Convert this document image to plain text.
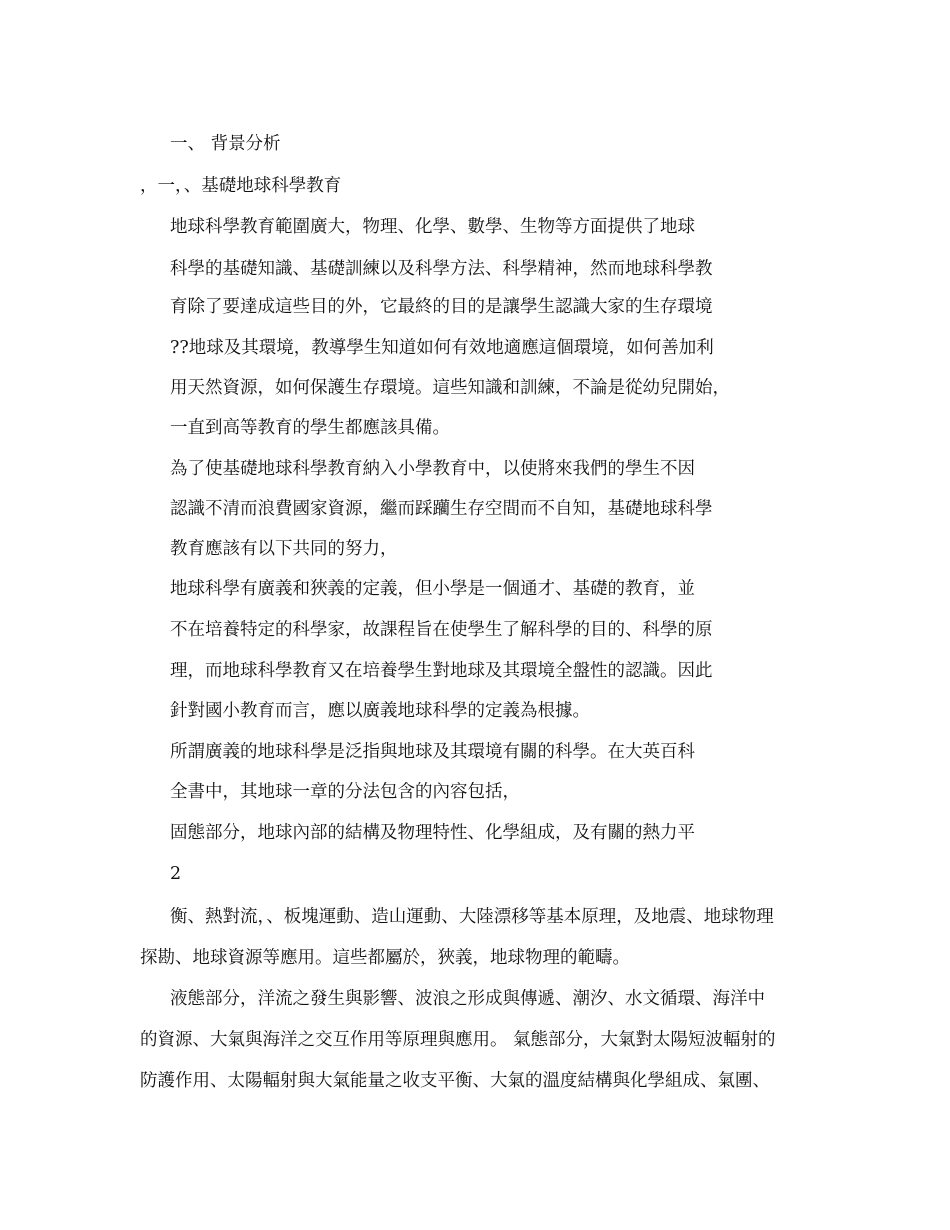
一、 背景分析

，一，、基礎地球科學教育

地球科學教育範圍廣大，物理、化學、數學、生物等方面提供了地球

科學的基礎知識、基礎訓練以及科學方法、科學精神，然而地球科學教

育除了要達成這些目的外，它最終的目的是讓學生認識大家的生存環境

??地球及其環境，教導學生知道如何有效地適應這個環境，如何善加利

用天然資源，如何保護生存環境。這些知識和訓練，不論是從幼兒開始，

一直到高等教育的學生都應該具備。

為了使基礎地球科學教育納入小學教育中，以使將來我們的學生不因

認識不清而浪費國家資源，繼而踩躪生存空間而不自知，基礎地球科學

教育應該有以下共同的努力，

地球科學有廣義和狹義的定義，但小學是一個通才、基礎的教育，並

不在培養特定的科學家，故課程旨在使學生了解科學的目的、科學的原

理，而地球科學教育又在培養學生對地球及其環境全盤性的認識。因此

針對國小教育而言，應以廣義地球科學的定義為根據。

所謂廣義的地球科學是泛指與地球及其環境有關的科學。在大英百科

全書中，其地球一章的分法包含的內容包括，

固態部分，地球內部的結構及物理特性、化學組成，及有關的熱力平

2

衡、熱對流，、板塊運動、造山運動、大陸漂移等基本原理，及地震、地球物理

探勘、地球資源等應用。這些都屬於，狹義，地球物理的範疇。

液態部分，洋流之發生與影響、波浪之形成與傳遞、潮汐、水文循環、海洋中

的資源、大氣與海洋之交互作用等原理與應用。 氣態部分，大氣對太陽短波輻射的

防護作用、太陽輻射與大氣能量之收支平衡、大氣的溫度結構與化學組成、氣團、
